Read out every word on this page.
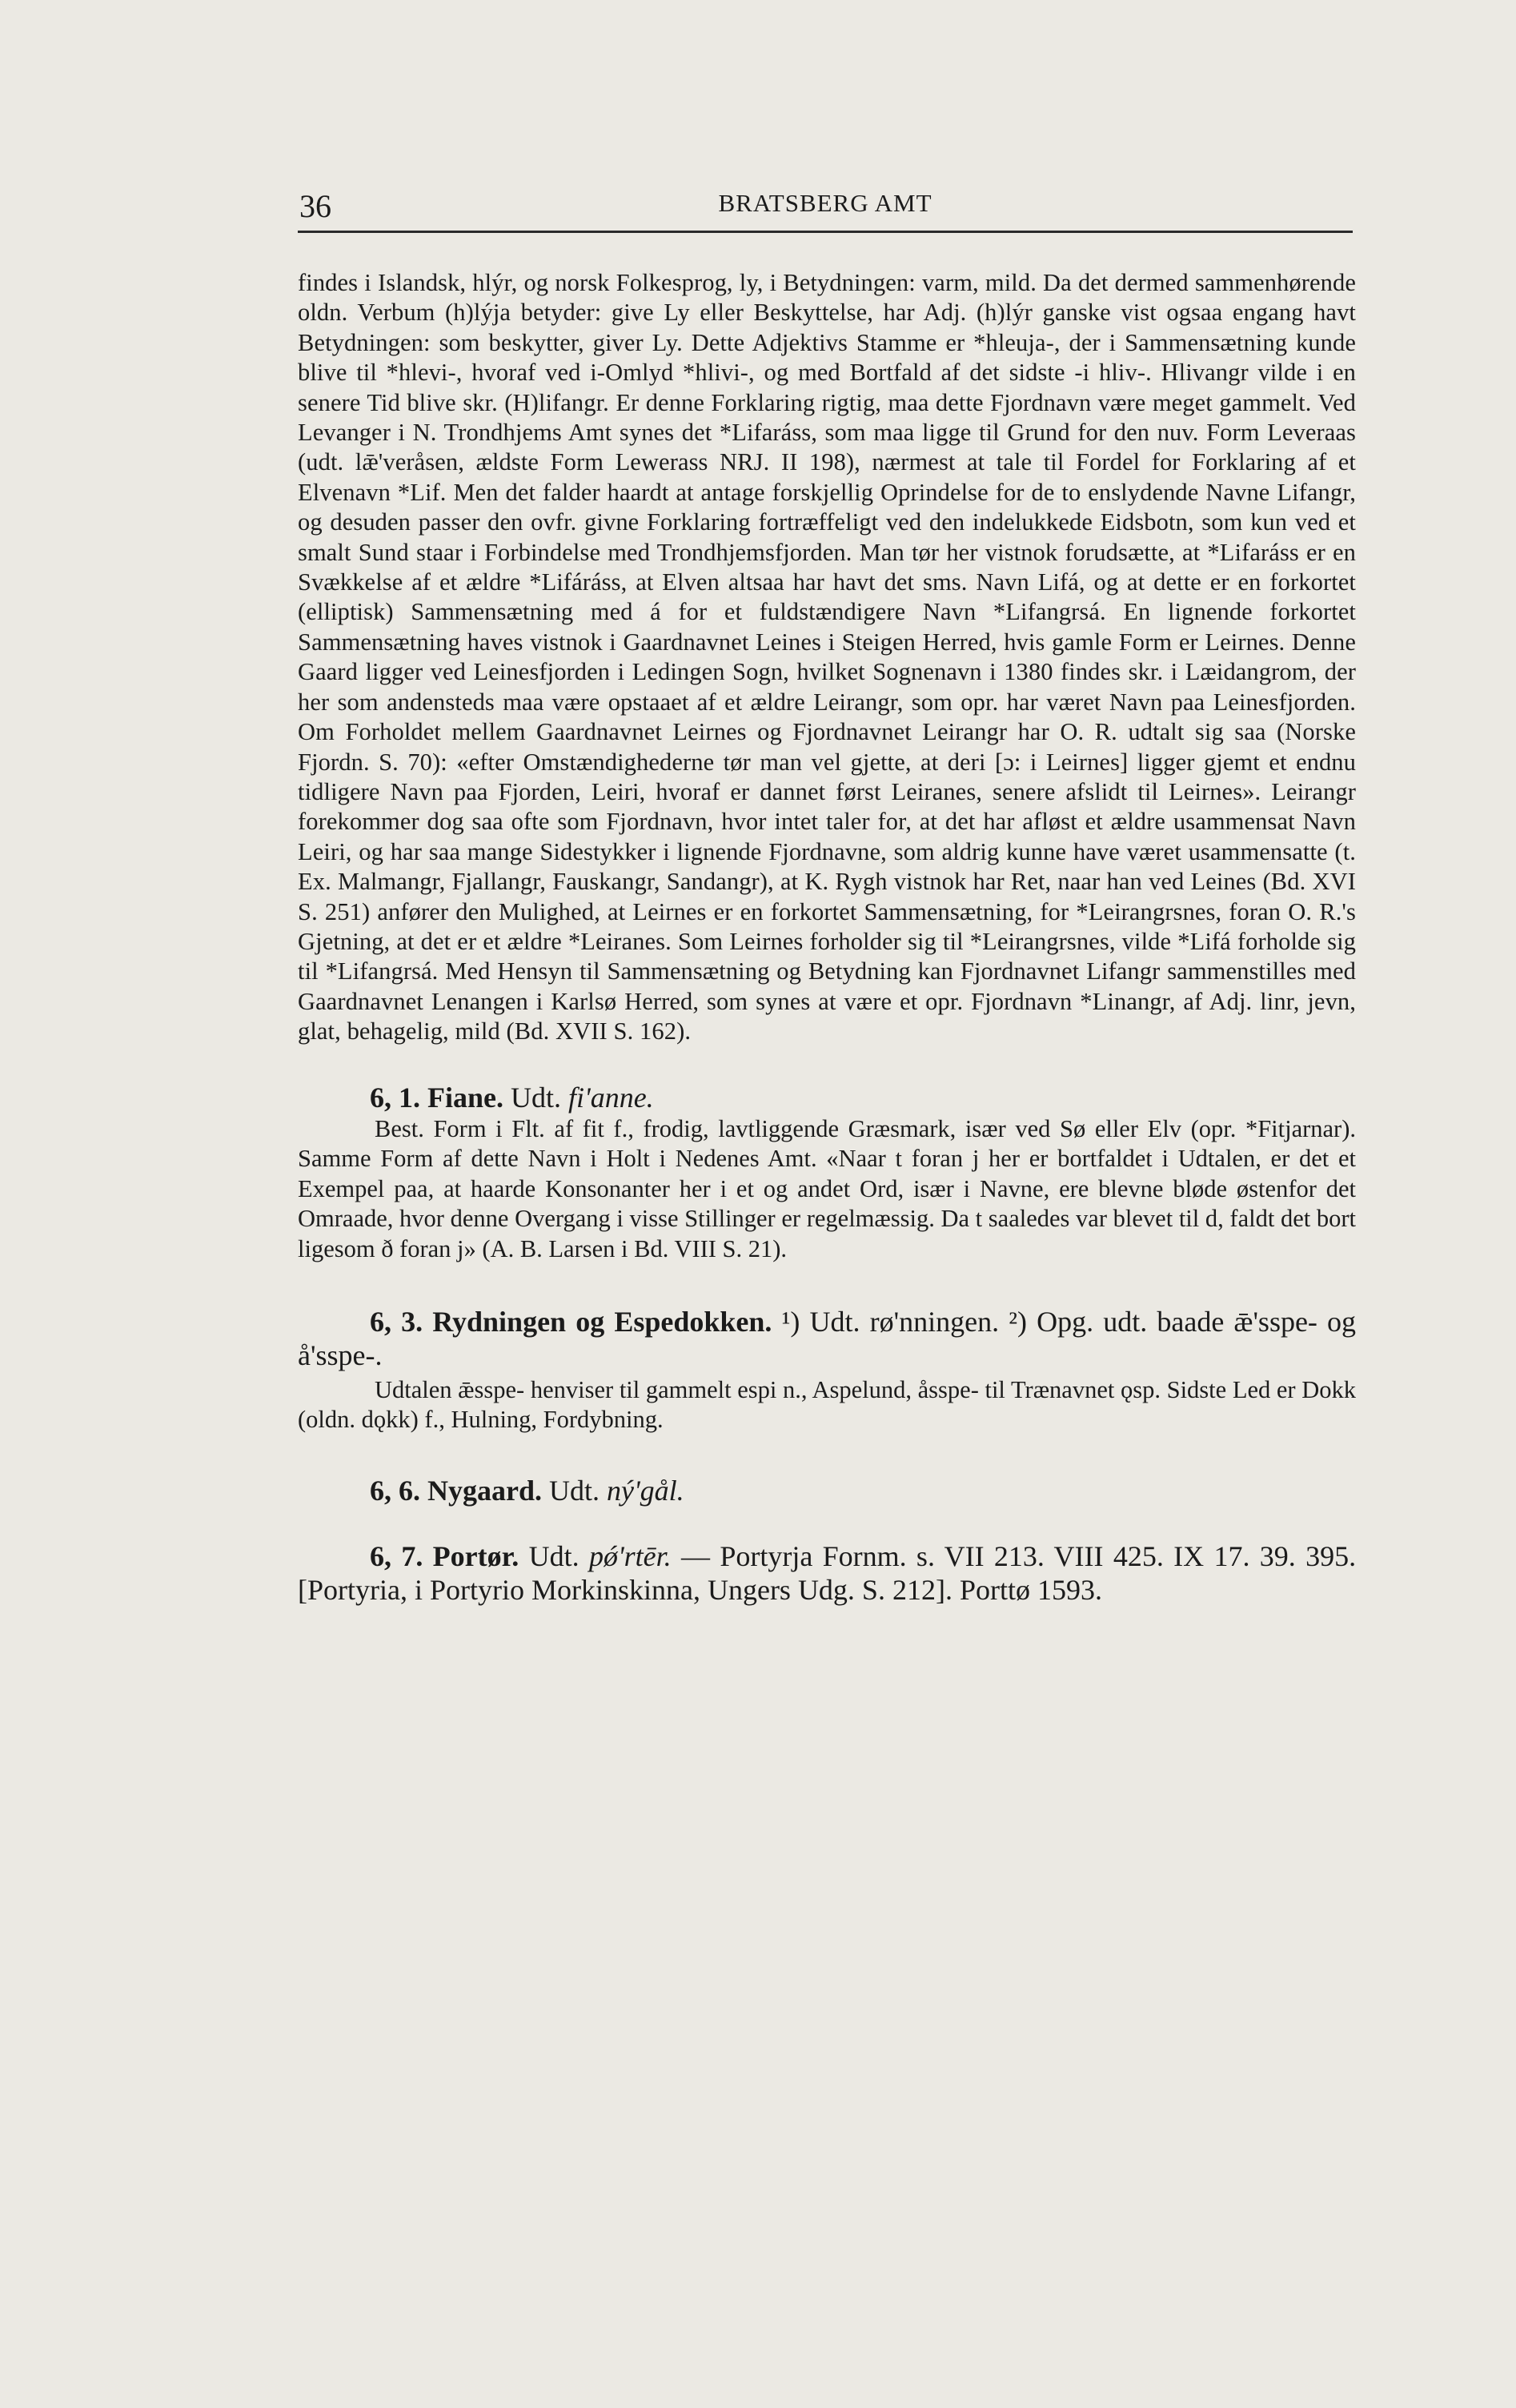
36	BRATSBERG AMT

findes i Islandsk, hlýr, og norsk Folkesprog, ly, i Betydningen: varm, mild. Da det dermed sammenhørende oldn. Verbum (h)lýja betyder: give Ly eller Beskyttelse, har Adj. (h)lýr ganske vist ogsaa engang havt Betydningen: som beskytter, giver Ly. Dette Adjektivs Stamme er *hleuja-, der i Sammensætning kunde blive til *hlevi-, hvoraf ved i-Omlyd *hlivi-, og med Bortfald af det sidste -i hliv-. Hlivangr vilde i en senere Tid blive skr. (H)lifangr. Er denne Forklaring rigtig, maa dette Fjordnavn være meget gammelt. Ved Levanger i N. Trondhjems Amt synes det *Lifaráss, som maa ligge til Grund for den nuv. Form Leveraas (udt. lǣ'veråsen, ældste Form Lewerass NRJ. II 198), nærmest at tale til Fordel for Forklaring af et Elvenavn *Lif. Men det falder haardt at antage forskjellig Oprindelse for de to enslydende Navne Lifangr, og desuden passer den ovfr. givne Forklaring fortræffeligt ved den indelukkede Eidsbotn, som kun ved et smalt Sund staar i Forbindelse med Trondhjemsfjorden. Man tør her vistnok forudsætte, at *Lifaráss er en Svækkelse af et ældre *Lifáráss, at Elven altsaa har havt det sms. Navn Lifá, og at dette er en forkortet (elliptisk) Sammensætning med á for et fuldstændigere Navn *Lifangrsá. En lignende forkortet Sammensætning haves vistnok i Gaardnavnet Leines i Steigen Herred, hvis gamle Form er Leirnes. Denne Gaard ligger ved Leinesfjorden i Ledingen Sogn, hvilket Sognenavn i 1380 findes skr. i Læidangrom, der her som andensteds maa være opstaaet af et ældre Leirangr, som opr. har været Navn paa Leinesfjorden. Om Forholdet mellem Gaardnavnet Leirnes og Fjordnavnet Leirangr har O. R. udtalt sig saa (Norske Fjordn. S. 70): «efter Omstændighederne tør man vel gjette, at deri [ɔ: i Leirnes] ligger gjemt et endnu tidligere Navn paa Fjorden, Leiri, hvoraf er dannet først Leiranes, senere afslidt til Leirnes». Leirangr forekommer dog saa ofte som Fjordnavn, hvor intet taler for, at det har afløst et ældre usammensat Navn Leiri, og har saa mange Sidestykker i lignende Fjordnavne, som aldrig kunne have været usammensatte (t. Ex. Malmangr, Fjallangr, Fauskangr, Sandangr), at K. Rygh vistnok har Ret, naar han ved Leines (Bd. XVI S. 251) anfører den Mulighed, at Leirnes er en forkortet Sammensætning, for *Leirangrsnes, foran O. R.'s Gjetning, at det er et ældre *Leiranes. Som Leirnes forholder sig til *Leirangrsnes, vilde *Lifá forholde sig til *Lifangrsá. Med Hensyn til Sammensætning og Betydning kan Fjordnavnet Lifangr sammenstilles med Gaardnavnet Lenangen i Karlsø Herred, som synes at være et opr. Fjordnavn *Linangr, af Adj. linr, jevn, glat, behagelig, mild (Bd. XVII S. 162).

6, 1. Fiane. Udt. fi'anne.
Best. Form i Flt. af fit f., frodig, lavtliggende Græsmark, især ved Sø eller Elv (opr. *Fitjarnar). Samme Form af dette Navn i Holt i Nedenes Amt. «Naar t foran j her er bortfaldet i Udtalen, er det et Exempel paa, at haarde Konsonanter her i et og andet Ord, især i Navne, ere blevne bløde østenfor det Omraade, hvor denne Overgang i visse Stillinger er regelmæssig. Da t saaledes var blevet til d, faldt det bort ligesom ð foran j» (A. B. Larsen i Bd. VIII S. 21).
6, 3. Rydningen og Espedokken. ¹) Udt. rø'nningen. ²) Opg. udt. baade ǣ'sspe- og å'sspe-.
Udtalen ǣsspe- henviser til gammelt espi n., Aspelund, åsspe- til Trænavnet ǫsp. Sidste Led er Dokk (oldn. dǫkk) f., Hulning, Fordybning.
6, 6. Nygaard. Udt. ný'gål.
6, 7. Portør. Udt. pǿ'rtēr. — Portyrja Fornm. s. VII 213. VIII 425. IX 17. 39. 395. [Portyria, i Portyrio Morkinskinna, Ungers Udg. S. 212]. Porttø 1593.
